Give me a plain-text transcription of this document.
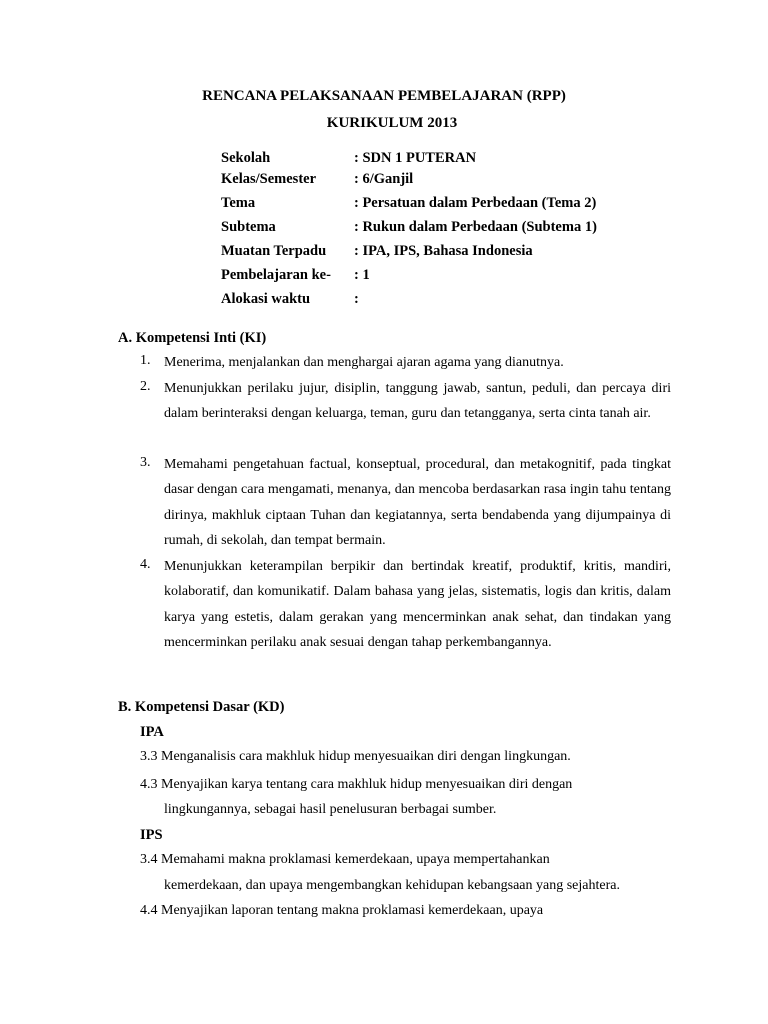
RENCANA PELAKSANAAN PEMBELAJARAN (RPP)
KURIKULUM 2013
Sekolah	: SDN 1 PUTERAN
Kelas/Semester	: 6/Ganjil
Tema	: Persatuan dalam Perbedaan (Tema 2)
Subtema	: Rukun dalam Perbedaan (Subtema 1)
Muatan Terpadu : IPA, IPS, Bahasa Indonesia
Pembelajaran ke- : 1
Alokasi waktu	:
A. Kompetensi Inti (KI)
1. Menerima, menjalankan dan menghargai ajaran agama yang dianutnya.
2. Menunjukkan perilaku jujur, disiplin, tanggung jawab, santun, peduli, dan percaya diri dalam berinteraksi dengan keluarga, teman, guru dan tetangganya, serta cinta tanah air.
3. Memahami pengetahuan factual, konseptual, procedural, dan metakognitif, pada tingkat dasar dengan cara mengamati, menanya, dan mencoba berdasarkan rasa ingin tahu tentang dirinya, makhluk ciptaan Tuhan dan kegiatannya, serta bendabenda yang dijumpainya di rumah, di sekolah, dan tempat bermain.
4. Menunjukkan keterampilan berpikir dan bertindak kreatif, produktif, kritis, mandiri, kolaboratif, dan komunikatif. Dalam bahasa yang jelas, sistematis, logis dan kritis, dalam karya yang estetis, dalam gerakan yang mencerminkan anak sehat, dan tindakan yang mencerminkan perilaku anak sesuai dengan tahap perkembangannya.
B. Kompetensi Dasar (KD)
IPA
3.3 Menganalisis cara makhluk hidup menyesuaikan diri dengan lingkungan.
4.3 Menyajikan karya tentang cara makhluk hidup menyesuaikan diri dengan
lingkungannya, sebagai hasil penelusuran berbagai sumber.
IPS
3.4 Memahami makna proklamasi kemerdekaan, upaya mempertahankan
kemerdekaan, dan upaya mengembangkan kehidupan kebangsaan yang sejahtera.
4.4 Menyajikan laporan tentang makna proklamasi kemerdekaan, upaya
